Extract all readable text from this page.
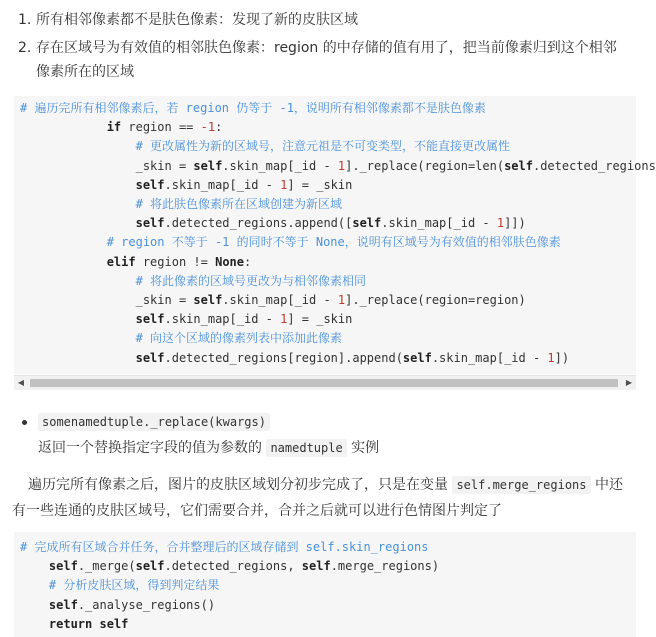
1. 所有相邻像素都不是肤色像素：发现了新的皮肤区域
2. 存在区域号为有效值的相邻肤色像素：region 的中存储的值有用了，把当前像素归到这个相邻
像素所在的区域
# 遍历完所有相邻像素后，若 region 仍等于 -1，说明所有相邻像素都不是肤色像素
if region == -1:
# 更改属性为新的区域号，注意元祖是不可变类型，不能直接更改属性
_skin = self.skin_map[_id - 1]._replace(region=len(self.detected_regions
self.skin_map[_id - 1] = _skin
# 将此肤色像素所在区域创建为新区域
self.detected_regions.append([self.skin_map[_id - 1]])
# region 不等于 -1 的同时不等于 None，说明有区域号为有效值的相邻肤色像素
elif region != None:
# 将此像素的区域号更改为与相邻像素相同
_skin = self.skin_map[_id - 1]._replace(region=region)
self.skin_map[_id - 1] = _skin
# 向这个区域的像素列表中添加此像素
self.detected_regions[region].append(self.skin_map[_id - 1])
◀	▶
somenamedtuple._replace(kwargs)
返回一个替换指定字段的值为参数的 namedtuple 实例
遍历完所有像素之后，图片的皮肤区域划分初步完成了，只是在变量 self.merge_regions 中还
有一些连通的皮肤区域号，它们需要合并，合并之后就可以进行色情图片判定了
# 完成所有区域合并任务，合并整理后的区域存储到 self.skin_regions
self._merge(self.detected_regions, self.merge_regions)
# 分析皮肤区域，得到判定结果
self._analyse_regions()
return self
